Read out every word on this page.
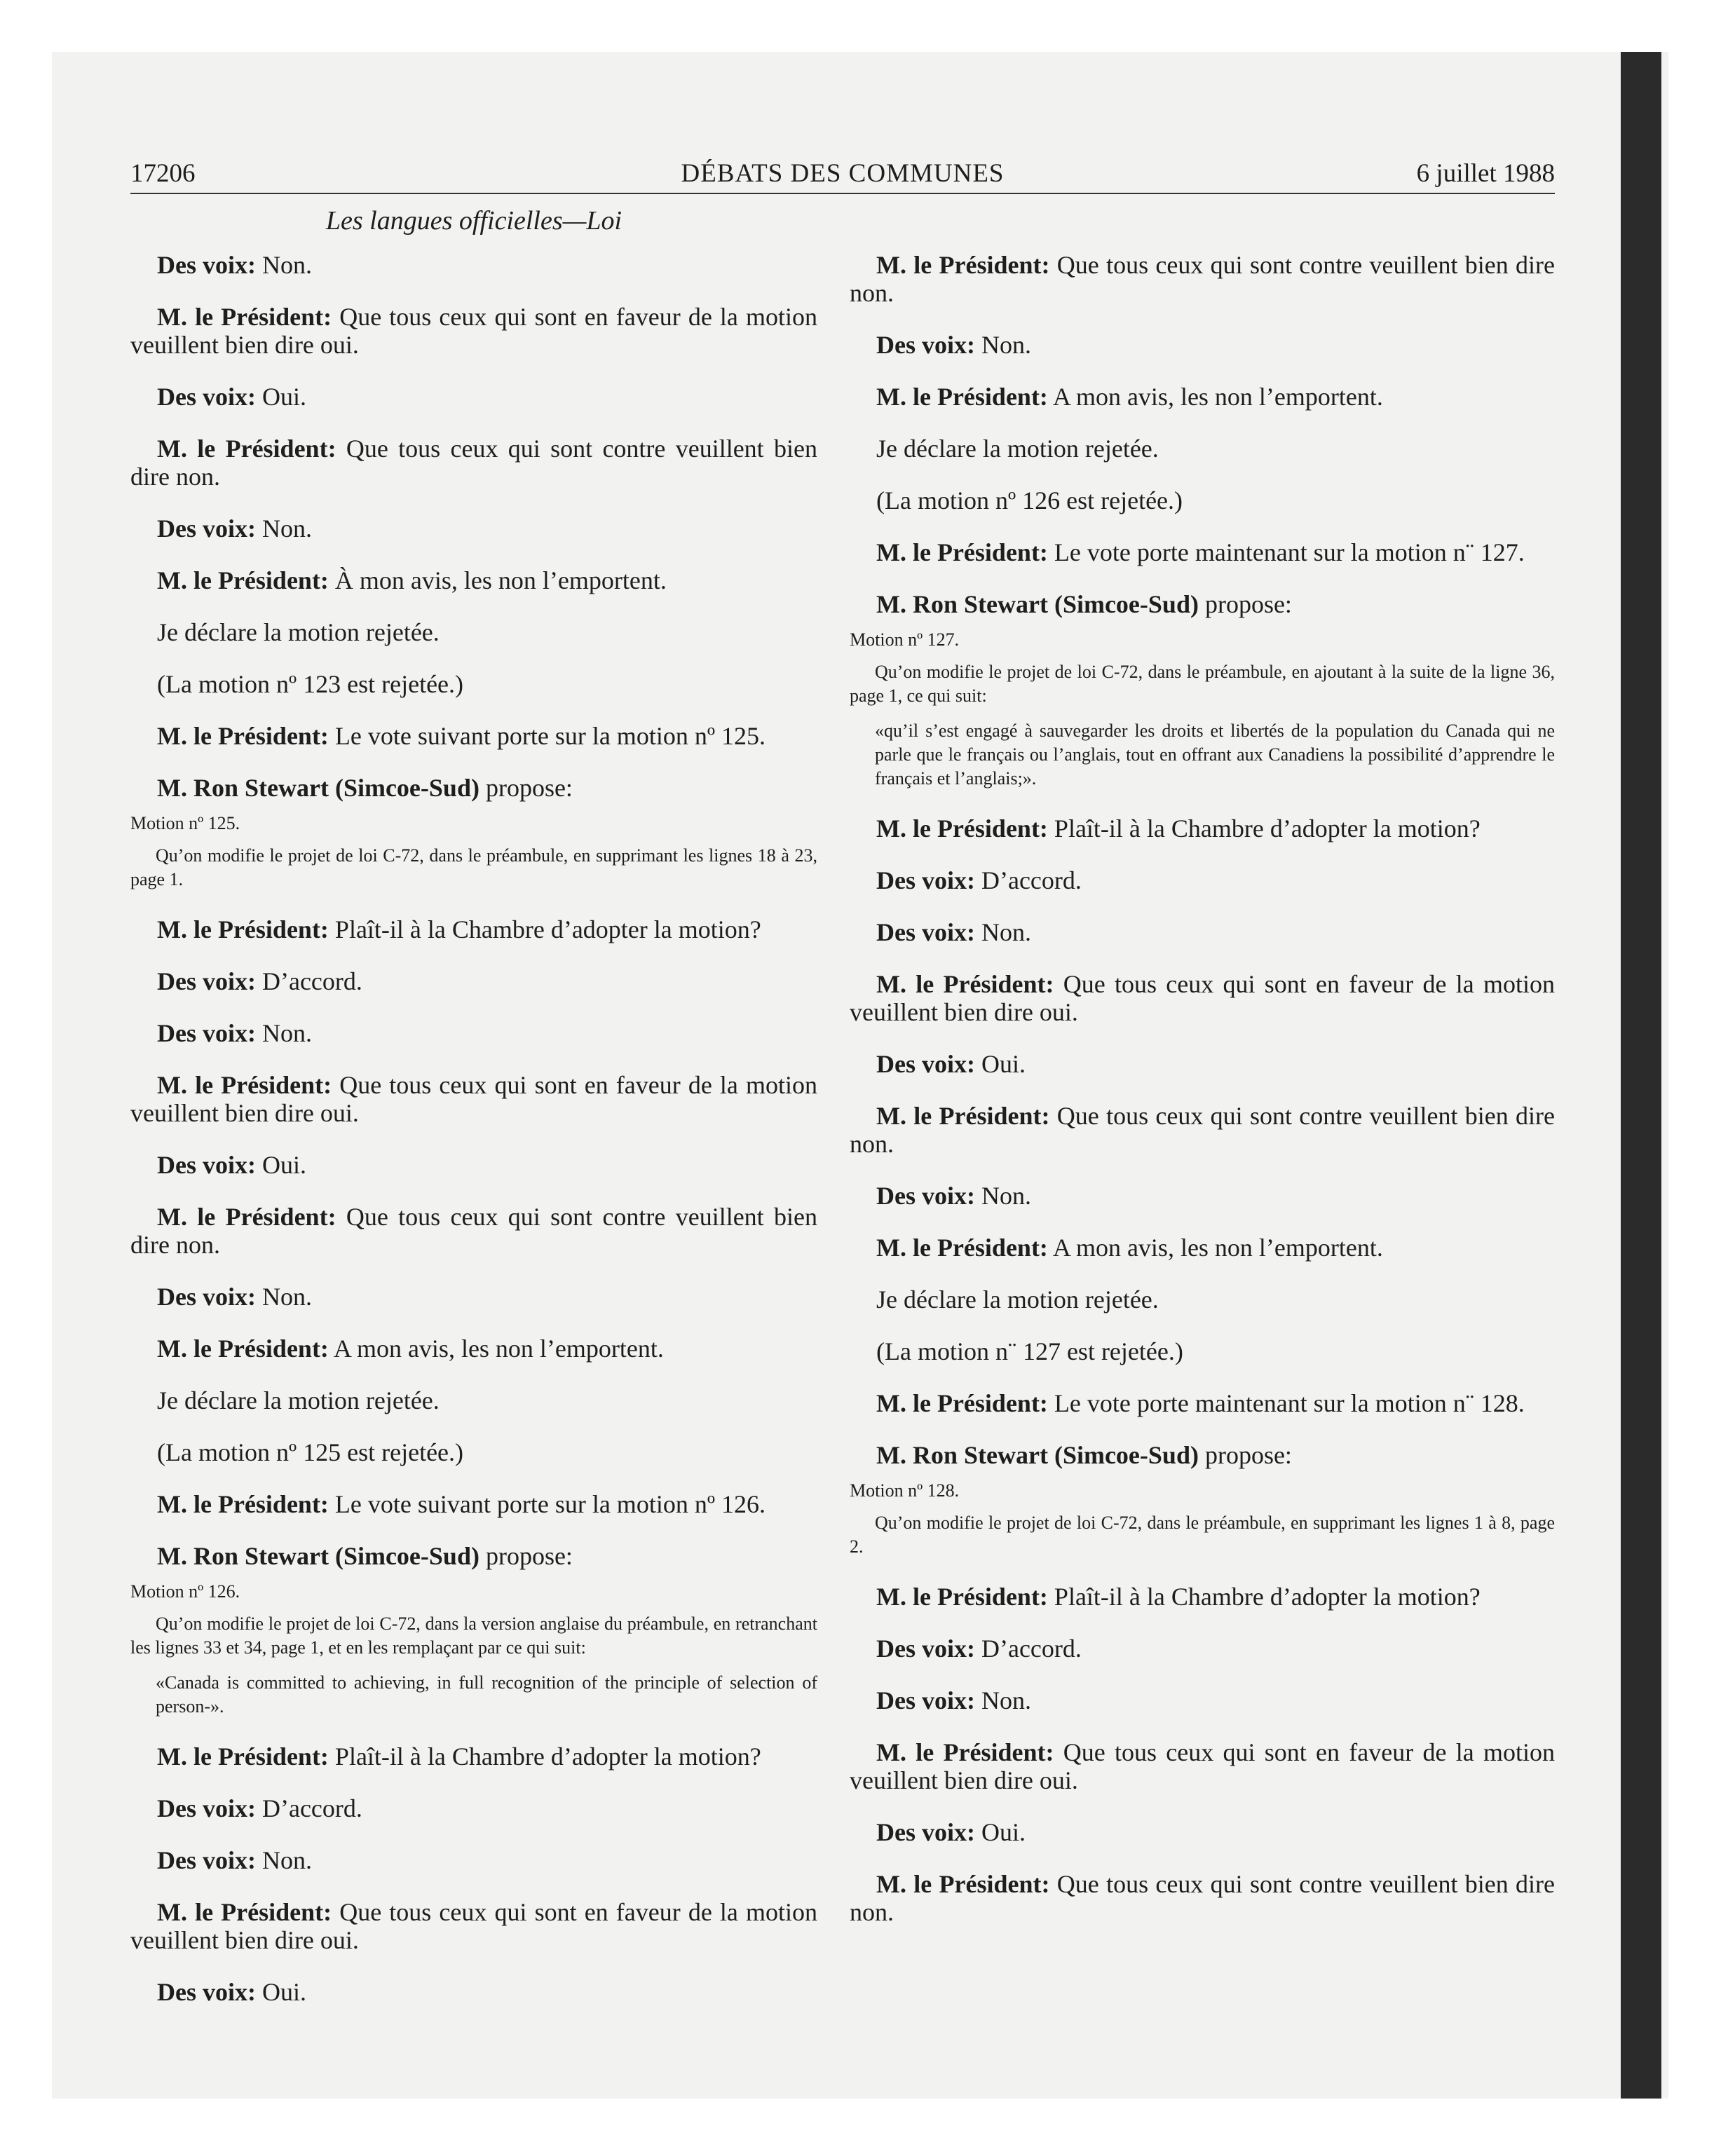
17206	DÉBATS DES COMMUNES	6 juillet 1988
Les langues officielles—Loi
Des voix: Non.
M. le Président: Que tous ceux qui sont en faveur de la motion veuillent bien dire oui.
Des voix: Oui.
M. le Président: Que tous ceux qui sont contre veuillent bien dire non.
Des voix: Non.
M. le Président: À mon avis, les non l’emportent.
Je déclare la motion rejetée.
(La motion nº 123 est rejetée.)
M. le Président: Le vote suivant porte sur la motion nº 125.
M. Ron Stewart (Simcoe-Sud) propose:
Motion nº 125.
Qu’on modifie le projet de loi C-72, dans le préambule, en supprimant les lignes 18 à 23, page 1.
M. le Président: Plaît-il à la Chambre d’adopter la motion?
Des voix: D’accord.
Des voix: Non.
M. le Président: Que tous ceux qui sont en faveur de la motion veuillent bien dire oui.
Des voix: Oui.
M. le Président: Que tous ceux qui sont contre veuillent bien dire non.
Des voix: Non.
M. le Président: A mon avis, les non l’emportent.
Je déclare la motion rejetée.
(La motion nº 125 est rejetée.)
M. le Président: Le vote suivant porte sur la motion nº 126.
M. Ron Stewart (Simcoe-Sud) propose:
Motion nº 126.
Qu’on modifie le projet de loi C-72, dans la version anglaise du préambule, en retranchant les lignes 33 et 34, page 1, et en les remplaçant par ce qui suit:
«Canada is committed to achieving, in full recognition of the principle of selection of person-».
M. le Président: Plaît-il à la Chambre d’adopter la motion?
Des voix: D’accord.
Des voix: Non.
M. le Président: Que tous ceux qui sont en faveur de la motion veuillent bien dire oui.
Des voix: Oui.
M. le Président: Que tous ceux qui sont contre veuillent bien dire non.
Des voix: Non.
M. le Président: A mon avis, les non l’emportent.
Je déclare la motion rejetée.
(La motion nº 126 est rejetée.)
M. le Président: Le vote porte maintenant sur la motion n¨ 127.
M. Ron Stewart (Simcoe-Sud) propose:
Motion nº 127.
Qu’on modifie le projet de loi C-72, dans le préambule, en ajoutant à la suite de la ligne 36, page 1, ce qui suit:
«qu’il s’est engagé à sauvegarder les droits et libertés de la population du Canada qui ne parle que le français ou l’anglais, tout en offrant aux Canadiens la possibilité d’apprendre le français et l’anglais;».
M. le Président: Plaît-il à la Chambre d’adopter la motion?
Des voix: D’accord.
Des voix: Non.
M. le Président: Que tous ceux qui sont en faveur de la motion veuillent bien dire oui.
Des voix: Oui.
M. le Président: Que tous ceux qui sont contre veuillent bien dire non.
Des voix: Non.
M. le Président: A mon avis, les non l’emportent.
Je déclare la motion rejetée.
(La motion n¨ 127 est rejetée.)
M. le Président: Le vote porte maintenant sur la motion n¨ 128.
M. Ron Stewart (Simcoe-Sud) propose:
Motion nº 128.
Qu’on modifie le projet de loi C-72, dans le préambule, en supprimant les lignes 1 à 8, page 2.
M. le Président: Plaît-il à la Chambre d’adopter la motion?
Des voix: D’accord.
Des voix: Non.
M. le Président: Que tous ceux qui sont en faveur de la motion veuillent bien dire oui.
Des voix: Oui.
M. le Président: Que tous ceux qui sont contre veuillent bien dire non.
